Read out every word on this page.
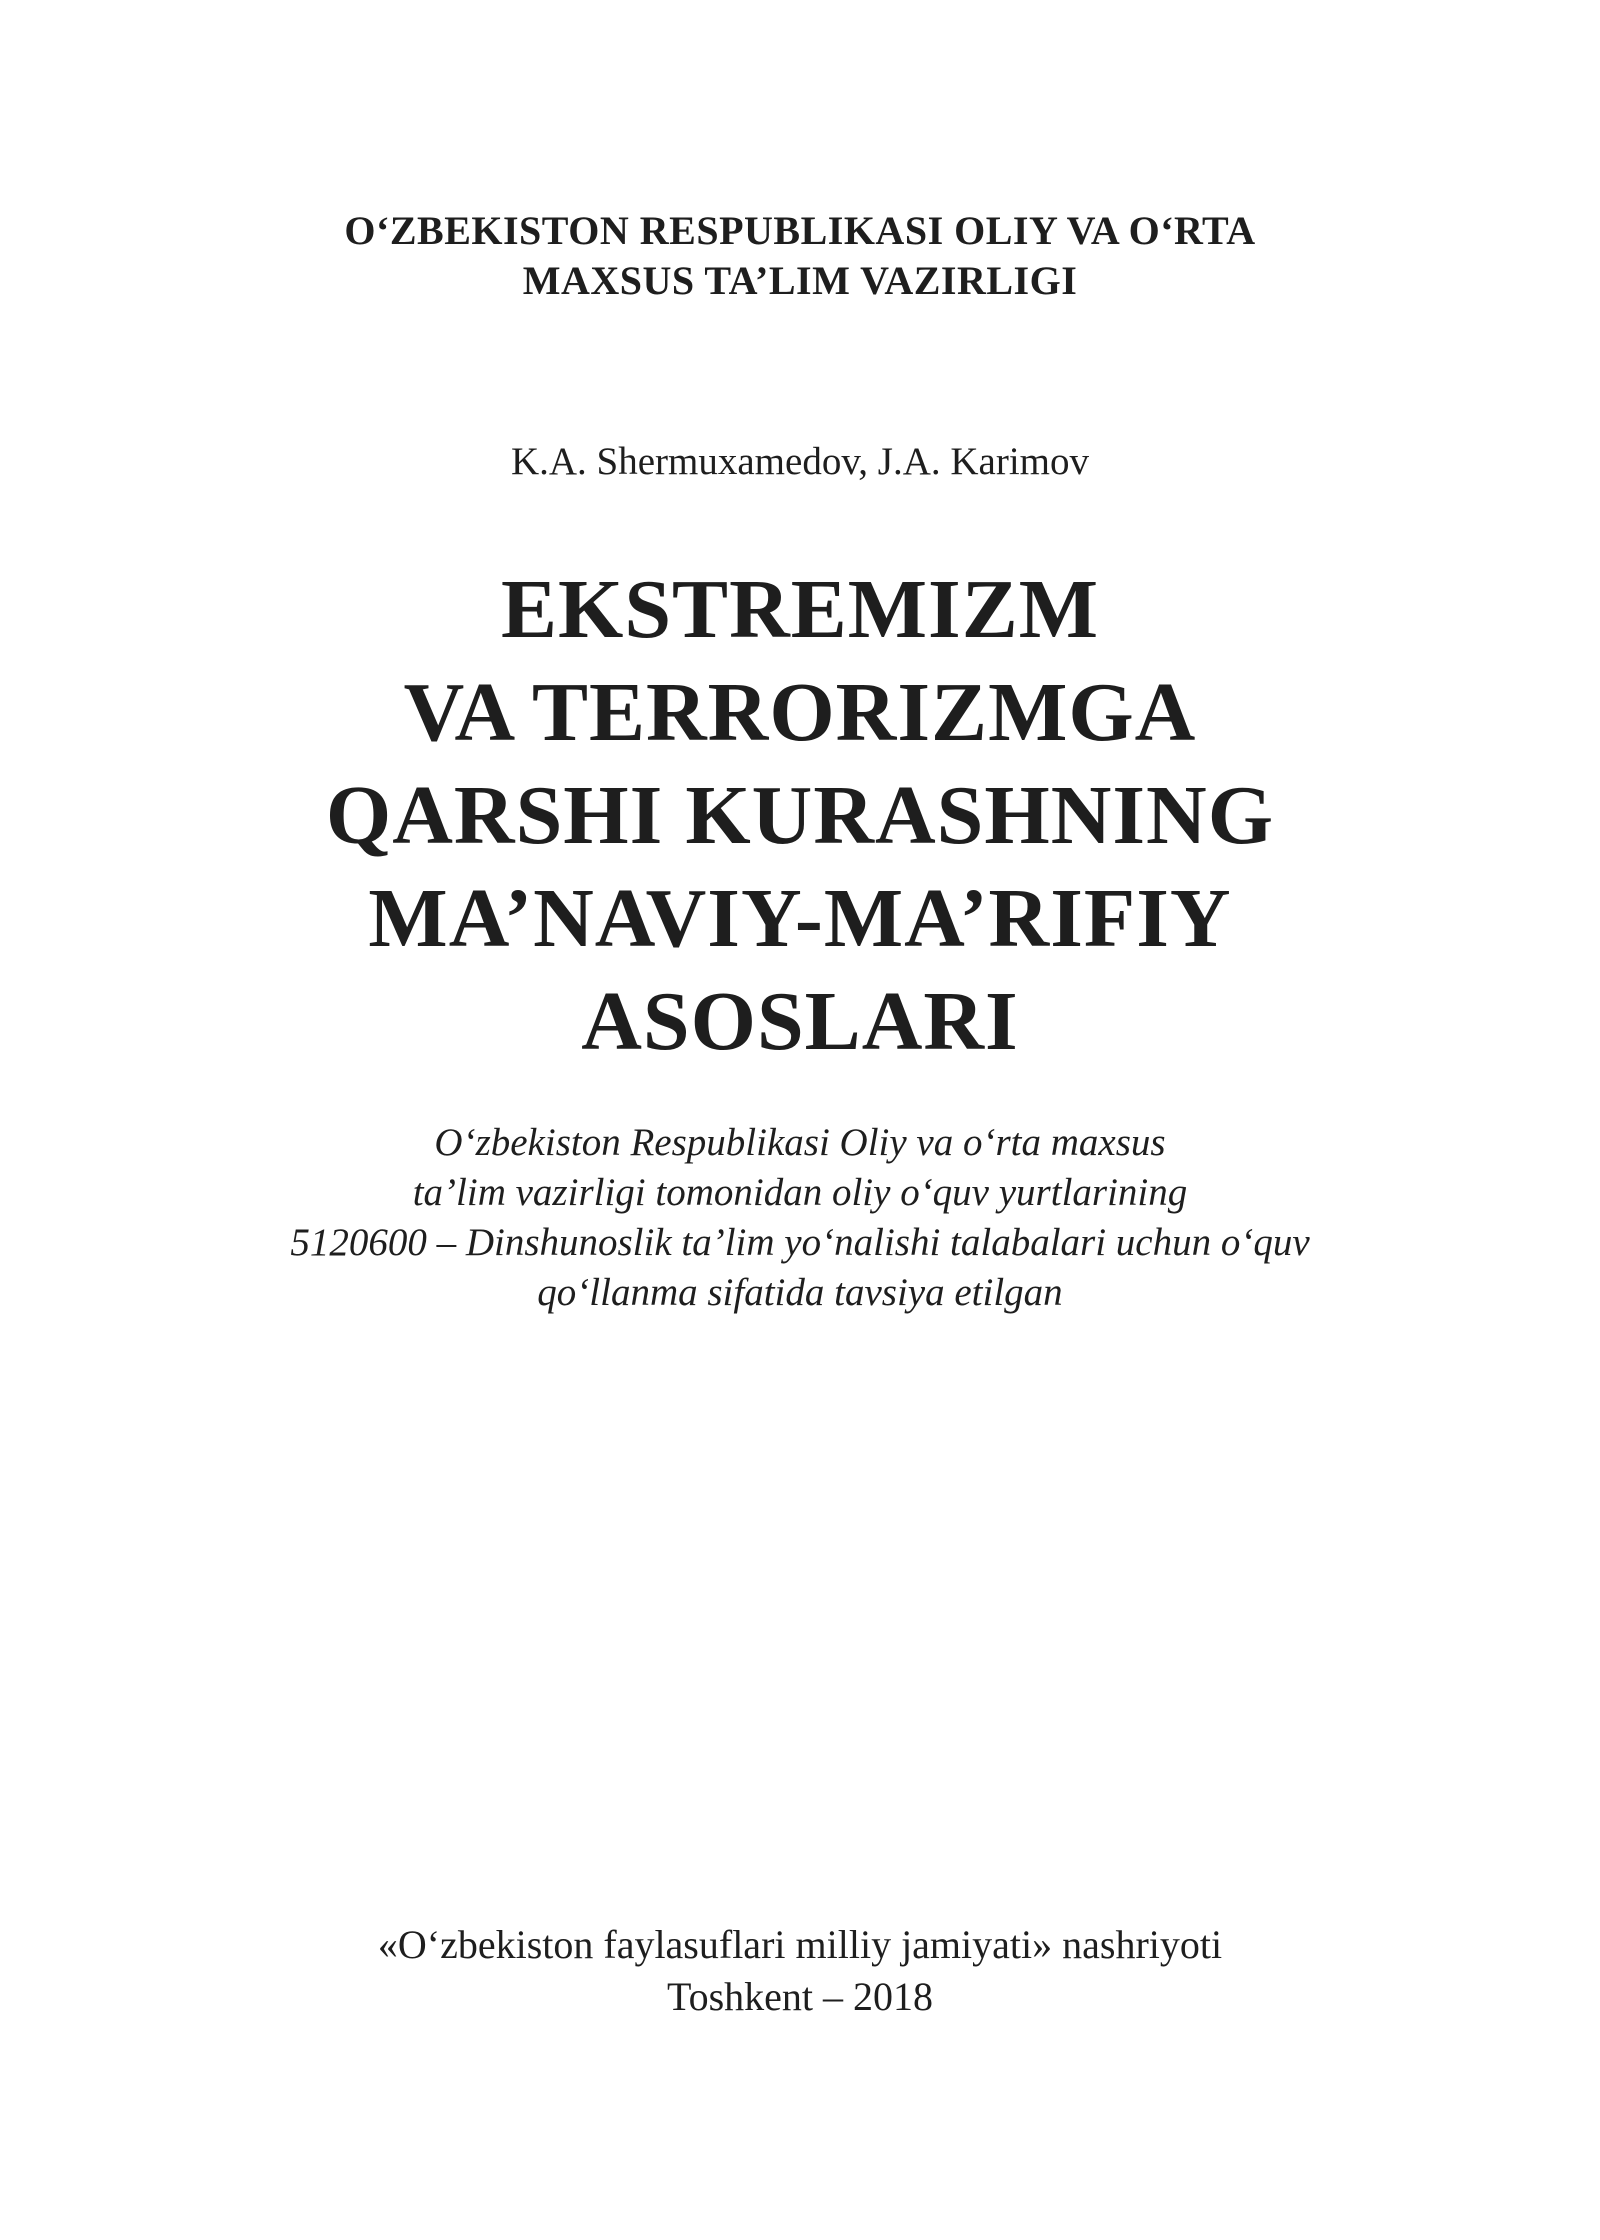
O‘ZBEKISTON RESPUBLIKASI OLIY VA O‘RTA
MAXSUS TA’LIM VAZIRLIGI
K.A. Shermuxamedov, J.A. Karimov
EKSTREMIZM
VA TERRORIZMGA
QARSHI KURASHNING
MA’NAVIY-MA’RIFIY
ASOSLARI
O‘zbekiston Respublikasi Oliy va o‘rta maxsus
ta’lim vazirligi tomonidan oliy o‘quv yurtlarining
5120600 – Dinshunoslik ta’lim yo‘nalishi talabalari uchun o‘quv
qo‘llanma sifatida tavsiya etilgan
«O‘zbekiston faylasuflari milliy jamiyati» nashriyoti
Toshkent – 2018
